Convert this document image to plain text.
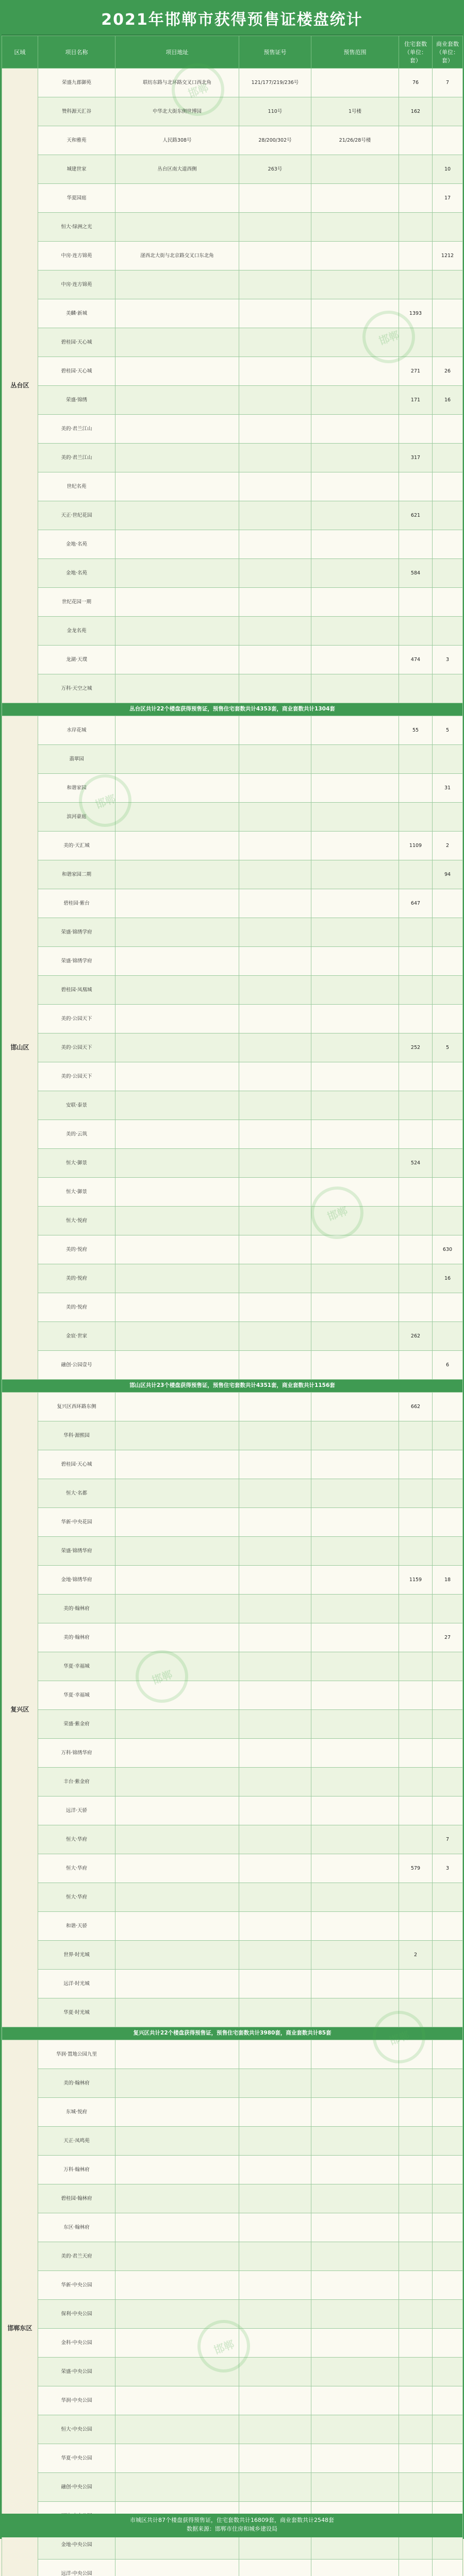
2021年邯郸市获得预售证楼盘统计
区域	项目名称	项目地址	预售证号	预售范围	住宅套数（单位：套）	商业套数（单位：套）
丛台区	荣盛九郡御苑	联纺东路与北环路交叉口西北角	121/177/219/236号		76	7
	赞科源天汇谷	中华北大街东侧世博园	110号	1号楼	162	
	天和雅苑	人民路308号	28/200/302号	21/26/28号楼		
	城建世家	丛台区南大道西侧	263号			10
	华夏园庭					17
	恒大·绿洲之光					
	中房·连方锦苑	滏西北大街与北京路交叉口东北角				1212
	中房·连方锦苑					
	美麟·新城				1393	
	碧桂园·天心城					
	碧桂园·天心城				271	26
	荣盛·锦绣				171	16
	美的·君兰江山					
	美的·君兰江山				317	
	世纪名苑					
	天正·世纪花园				621	
	金地·名苑					
	金地·名苑				584	
	世纪花园一期					
	金龙名苑					
	龙湖·天璞				474	3
	万科·天空之城					
丛台区共计22个楼盘获得预售证，预售住宅套数共计4353套，商业套数共计1304套						
邯山区	水岸花城				55	5
	翡翠园					
	和谐家园					31
	滨河豪庭					
	美的·天汇城				1109	2
	和谐家园二期					94
	碧桂园·紫台				647	
	荣盛·锦绣学府					
	荣盛·锦绣学府					
	碧桂园·凤凰城					
	美的·公园天下					
	美的·公园天下				252	5
	美的·公园天下					
	安联·泰景					
	美的·云筑					
	恒大·御景				524	
	恒大·御景					
	恒大·悦府					
	美的·悦府					630
	美的·悦府					16
	美的·悦府					
	金宸·世家				262	
	融创·公园壹号					6
邯山区共计23个楼盘获得预售证，预售住宅套数共计4351套，商业套数共计1156套						
复兴区	复兴区西环路东侧				662	
	华科·源熙园					
	碧桂园·天心城					
	恒大·名都					
	华新·中央花园					
	荣盛·锦绣华府					
	金地·锦绣华府				1159	18
	美的·翰林府					
	美的·翰林府					27
	华夏·幸福城					
	华夏·幸福城					
	荣盛·紫金府					
	万科·锦绣华府					
	丰台·紫金府					
	远洋·天骄					
	恒大·华府					7
	恒大·华府				579	3
	恒大·华府					
	和谐·天骄					
	世界·时光城				2	
	远洋·时光城					
	华夏·时光城					
复兴区共计22个楼盘获得预售证，预售住宅套数共计3980套，商业套数共计85套						
邯郸东区	华润·置地公园九里					
	美的·翰林府					
	东城·悦府					
	天正·凤鸣苑					
	万科·翰林府					
	碧桂园·翰林府					
	东区·翰林府					
	美的·君兰天府					
	华新·中央公园					
	保利·中央公园					
	金科·中央公园					
	荣盛·中央公园					
	华润·中央公园					
	恒大·中央公园					
	华夏·中央公园					
	融创·中央公园					

	金地·中央公园					
	远洋·中央公园					

市城区共计87个楼盘获得预售证，住宅套数共计16809套，商业套数共计2548套
数据来源：邯郸市住房和城乡建设局
邯郸
邯郸
邯郸
邯郸
邯郸
邯郸
邯郸
